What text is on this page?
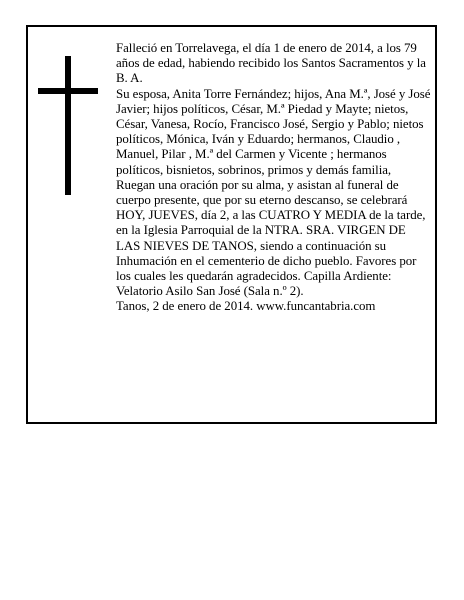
Falleció en Torrelavega, el día 1 de enero de 2014, a los 79 años de edad, habiendo recibido los Santos Sacramentos y la B. A.

Su esposa, Anita Torre Fernández; hijos, Ana M.ª, José y José Javier; hijos políticos, César, M.ª Piedad y Mayte; nietos, César, Vanesa, Rocío, Francisco José, Sergio y Pablo; nietos políticos, Mónica, Iván y Eduardo; hermanos, Claudio , Manuel, Pilar , M.ª del Carmen y Vicente ; hermanos políticos, bisnietos, sobrinos, primos y demás familia,

Ruegan una oración por su alma, y asistan al funeral de cuerpo presente, que por su eterno descanso, se celebrará HOY, JUEVES, día 2, a las CUATRO Y MEDIA de la tarde, en la Iglesia Parroquial de la NTRA. SRA. VIRGEN DE LAS NIEVES DE TANOS, siendo a continuación su Inhumación en el cementerio de dicho pueblo. Favores por los cuales les quedarán agradecidos. Capilla Ardiente: Velatorio Asilo San José (Sala n.º 2).

Tanos, 2 de enero de 2014. www.funcantabria.com
